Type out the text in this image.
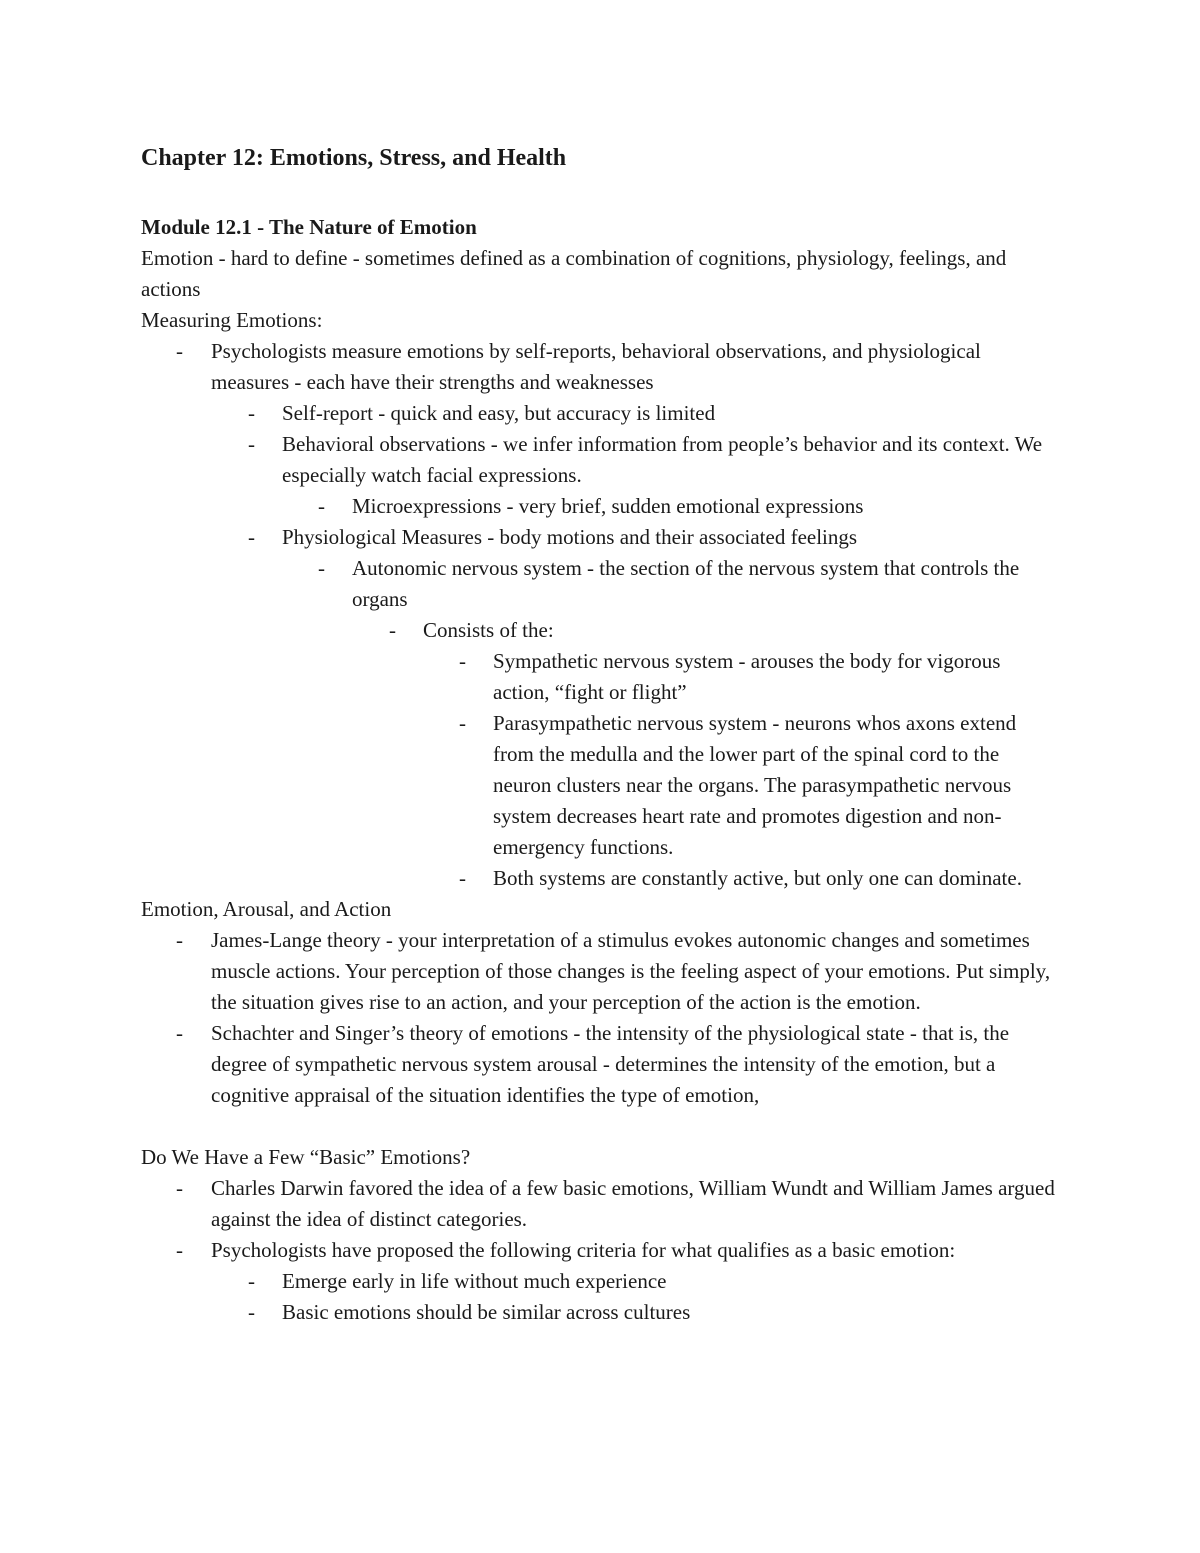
Chapter 12: Emotions, Stress, and Health

Module 12.1 - The Nature of Emotion

Emotion - hard to define - sometimes defined as a combination of cognitions, physiology, feelings, and actions

Measuring Emotions:

- Psychologists measure emotions by self-reports, behavioral observations, and physiological measures - each have their strengths and weaknesses
- Self-report - quick and easy, but accuracy is limited
- Behavioral observations - we infer information from people’s behavior and its context. We especially watch facial expressions.
- Microexpressions - very brief, sudden emotional expressions
- Physiological Measures - body motions and their associated feelings
- Autonomic nervous system - the section of the nervous system that controls the organs
- Consists of the:
- Sympathetic nervous system - arouses the body for vigorous action, “fight or flight”
- Parasympathetic nervous system - neurons whos axons extend from the medulla and the lower part of the spinal cord to the neuron clusters near the organs. The parasympathetic nervous system decreases heart rate and promotes digestion and non-emergency functions.
- Both systems are constantly active, but only one can dominate.

Emotion, Arousal, and Action

- James-Lange theory - your interpretation of a stimulus evokes autonomic changes and sometimes muscle actions. Your perception of those changes is the feeling aspect of your emotions. Put simply, the situation gives rise to an action, and your perception of the action is the emotion.
- Schachter and Singer’s theory of emotions - the intensity of the physiological state - that is, the degree of sympathetic nervous system arousal - determines the intensity of the emotion, but a cognitive appraisal of the situation identifies the type of emotion,

Do We Have a Few “Basic” Emotions?

- Charles Darwin favored the idea of a few basic emotions, William Wundt and William James argued against the idea of distinct categories.
- Psychologists have proposed the following criteria for what qualifies as a basic emotion:
- Emerge early in life without much experience
- Basic emotions should be similar across cultures
